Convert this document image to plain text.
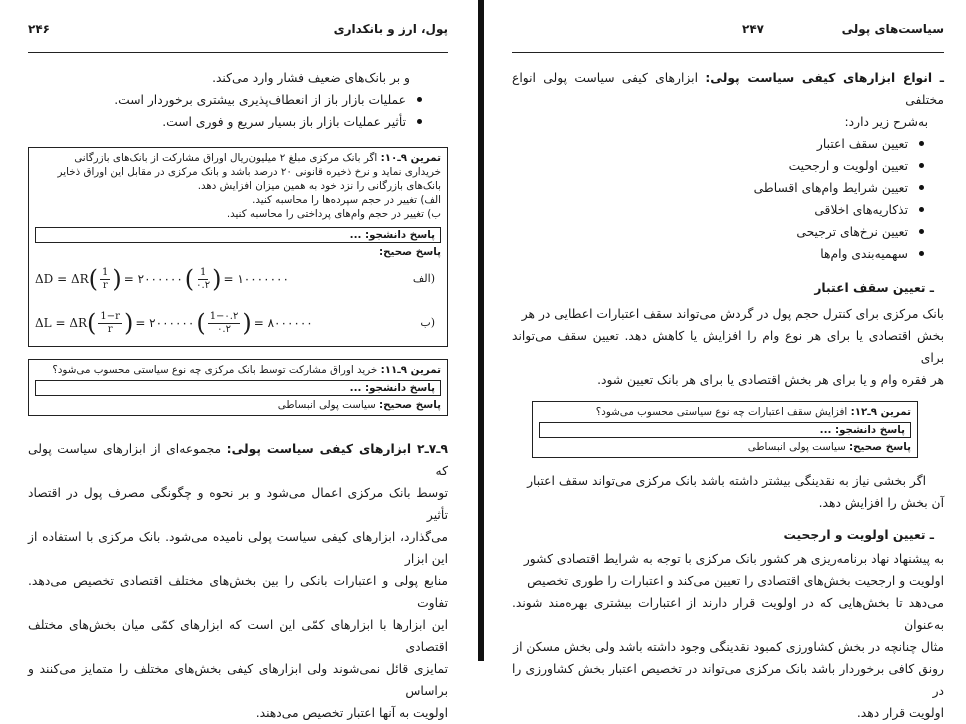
پول، ارز و بانکداری
۲۴۶

و بر بانک‌های ضعیف فشار وارد می‌کند.

عملیات بازار باز از انعطاف‌پذیری بیشتری برخوردار است.
تأثیر عملیات بازار باز بسیار سریع و فوری است.
تمرین ۹ـ۱۰: اگر بانک مرکزی مبلغ ۲ میلیون‌ریال اوراق مشارکت از بانک‌های بازرگانی
خریداری نماید و نرخ ذخیره قانونی ۲۰ درصد باشد و بانک مرکزی در مقابل این اوراق ذخایر
بانک‌های بازرگانی را نزد خود به همین میزان افزایش دهد.
الف) تغییر در حجم سپرده‌ها را محاسبه کنید.
ب) تغییر در حجم وام‌های پرداختی را محاسبه کنید.
پاسخ دانشجو: ...
پاسخ صحیح:
ΔD = ΔR ( $\frac{1}{r}$ ) = ۲۰۰۰۰۰۰ ( $\frac{1}{۰.۲}$ ) = ۱۰۰۰۰۰۰۰	(الف
ΔL = ΔR ( $\frac{1-r}{r}$ ) = ۲۰۰۰۰۰۰ ( $\frac{1-۰.۲}{۰.۲}$ ) = ۸۰۰۰۰۰۰	(ب
تمرین ۹ـ۱۱: خرید اوراق مشارکت توسط بانک مرکزی چه نوع سیاستی محسوب می‌شود؟
پاسخ دانشجو: ...
پاسخ صحیح: سیاست پولی انبساطی

۹ـ۷ـ۲ ابزارهای کیفی سیاست پولی: مجموعه‌ای از ابزارهای سیاست پولی که

توسط بانک مرکزی اعمال می‌شود و بر نحوه و چگونگی مصرف پول در اقتصاد تأثیر

می‌گذارد، ابزارهای کیفی سیاست پولی نامیده می‌شود. بانک مرکزی با استفاده از این ابزار

منابع پولی و اعتبارات بانکی را بین بخش‌های مختلف اقتصادی تخصیص می‌دهد. تفاوت

این ابزارها با ابزارهای کمّی این است که ابزارهای کمّی میان بخش‌های مختلف اقتصادی

تمایزی قائل نمی‌شوند ولی ابزارهای کیفی بخش‌های مختلف را متمایز می‌کنند و براساس

اولویت به آنها اعتبار تخصیص می‌دهند.

سیاست‌های پولی
۲۴۷

ـ انواع ابزارهای کیفی سیاست پولی: ابزارهای کیفی سیاست پولی انواع مختلفی

به‌شرح زیر دارد:

تعیین سقف اعتبار
تعیین اولویت و ارجحیت
تعیین شرایط وام‌های اقساطی
تذکاریه‌های اخلاقی
تعیین نرخ‌های ترجیحی
سهمیه‌بندی وام‌ها

ـ تعیین سقف اعتبار

بانک مرکزی برای کنترل حجم پول در گردش می‌تواند سقف اعتبارات اعطایی در هر

بخش اقتصادی یا برای هر نوع وام را افزایش یا کاهش دهد. تعیین سقف می‌تواند برای

هر فقره وام و یا برای هر بخش اقتصادی یا برای هر بانک تعیین شود.

تمرین ۹ـ۱۲: افزایش سقف اعتبارات چه نوع سیاستی محسوب می‌شود؟
پاسخ دانشجو: ...
پاسخ صحیح: سیاست پولی انبساطی

اگر بخشی نیاز به نقدینگی بیشتر داشته باشد بانک مرکزی می‌تواند سقف اعتبار

آن بخش را افزایش دهد.

ـ تعیین اولویت و ارجحیت

به پیشنهاد نهاد برنامه‌ریزی هر کشور بانک مرکزی با توجه به شرایط اقتصادی کشور

اولویت و ارجحیت بخش‌های اقتصادی را تعیین می‌کند و اعتبارات را طوری تخصیص

می‌دهد تا بخش‌هایی که در اولویت قرار دارند از اعتبارات بیشتری بهره‌مند شوند. به‌عنوان

مثال چنانچه در بخش کشاورزی کمبود نقدینگی وجود داشته باشد ولی بخش مسکن از

رونق کافی برخوردار باشد بانک مرکزی می‌تواند در تخصیص اعتبار بخش کشاورزی را در

اولویت قرار دهد.
